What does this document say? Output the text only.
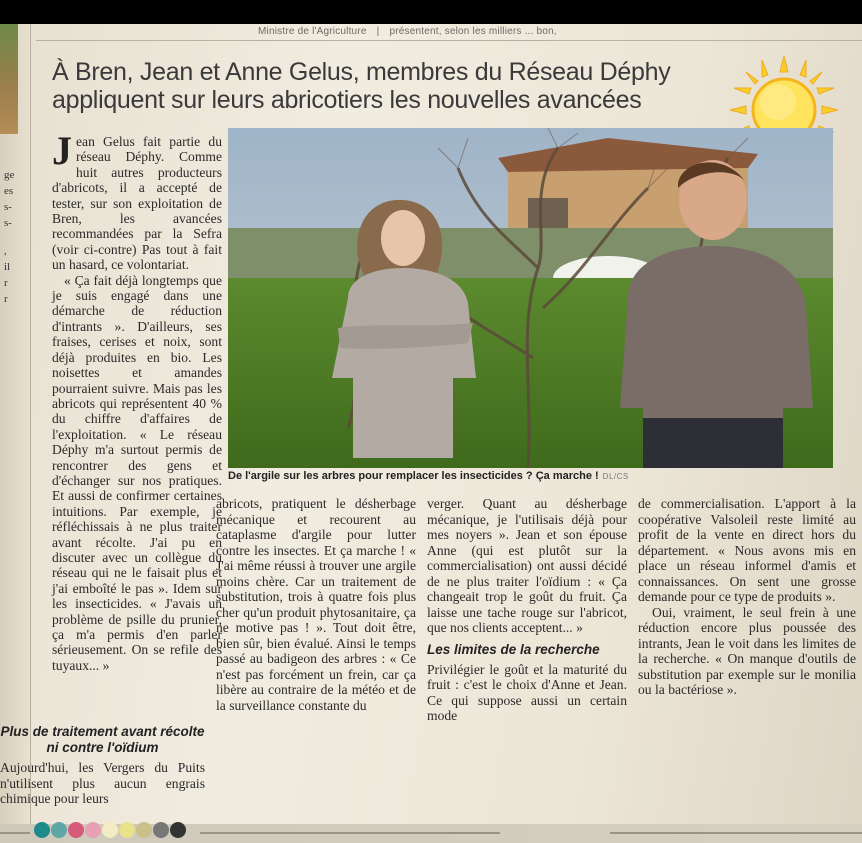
ge
es
s-
s-
,
il
r
r
Ministre de l'Agriculture | présentent, selon les milliers ... bon,
À Bren, Jean et Anne Gelus, membres du Réseau Déphy
appliquent sur leurs abricotiers les nouvelles avancées
J ean Gelus fait partie du réseau Déphy. Comme huit autres producteurs d'abricots, il a accepté de tester, sur son exploitation de Bren, les avancées recommandées par la Sefra (voir ci-contre) Pas tout à fait un hasard, ce volontariat.

« Ça fait déjà longtemps que je suis engagé dans une démarche de réduction d'intrants ». D'ailleurs, ses fraises, cerises et noix, sont déjà produites en bio. Les noisettes et amandes pourraient suivre. Mais pas les abricots qui représentent 40 % du chiffre d'affaires de l'exploitation. « Le réseau Déphy m'a surtout permis de rencontrer des gens et d'échanger sur nos pratiques. Et aussi de confirmer certaines intuitions. Par exemple, je réfléchissais à ne plus traiter avant récolte. J'ai pu en discuter avec un collègue du réseau qui ne le faisait plus et j'ai emboîté le pas ». Idem sur les insecticides. « J'avais un problème de psille du prunier, ça m'a permis d'en parler sérieusement. On se refile des tuyaux... »

De l'argile sur les arbres pour remplacer les insecticides ? Ça marche ! DL/CS
Plus de traitement avant récolte ni contre l'oïdium

Aujourd'hui, les Vergers du Puits n'utilisent plus aucun engrais chimique pour leurs

abricots, pratiquent le désherbage mécanique et recourent au cataplasme d'argile pour lutter contre les insectes. Et ça marche ! « J'ai même réussi à trouver une argile moins chère. Car un traitement de substitution, trois à quatre fois plus cher qu'un produit phytosanitaire, ça ne motive pas ! ». Tout doit être, bien sûr, bien évalué. Ainsi le temps passé au badigeon des arbres : « Ce n'est pas forcément un frein, car ça libère au contraire de la météo et de la surveillance constante du

verger. Quant au désherbage mécanique, je l'utilisais déjà pour mes noyers ». Jean et son épouse Anne (qui est plutôt sur la commercialisation) ont aussi décidé de ne plus traiter l'oïdium : « Ça changeait trop le goût du fruit. Ça laisse une tache rouge sur l'abricot, que nos clients acceptent... »

Les limites de la recherche

Privilégier le goût et la maturité du fruit : c'est le choix d'Anne et Jean. Ce qui suppose aussi un certain mode

de commercialisation. L'apport à la coopérative Valsoleil reste limité au profit de la vente en direct hors du département. « Nous avons mis en place un réseau informel d'amis et connaissances. On sent une grosse demande pour ce type de produits ».

Oui, vraiment, le seul frein à une réduction encore plus poussée des intrants, Jean le voit dans les limites de la recherche. « On manque d'outils de substitution par exemple sur le monilia ou la bactériose ».
